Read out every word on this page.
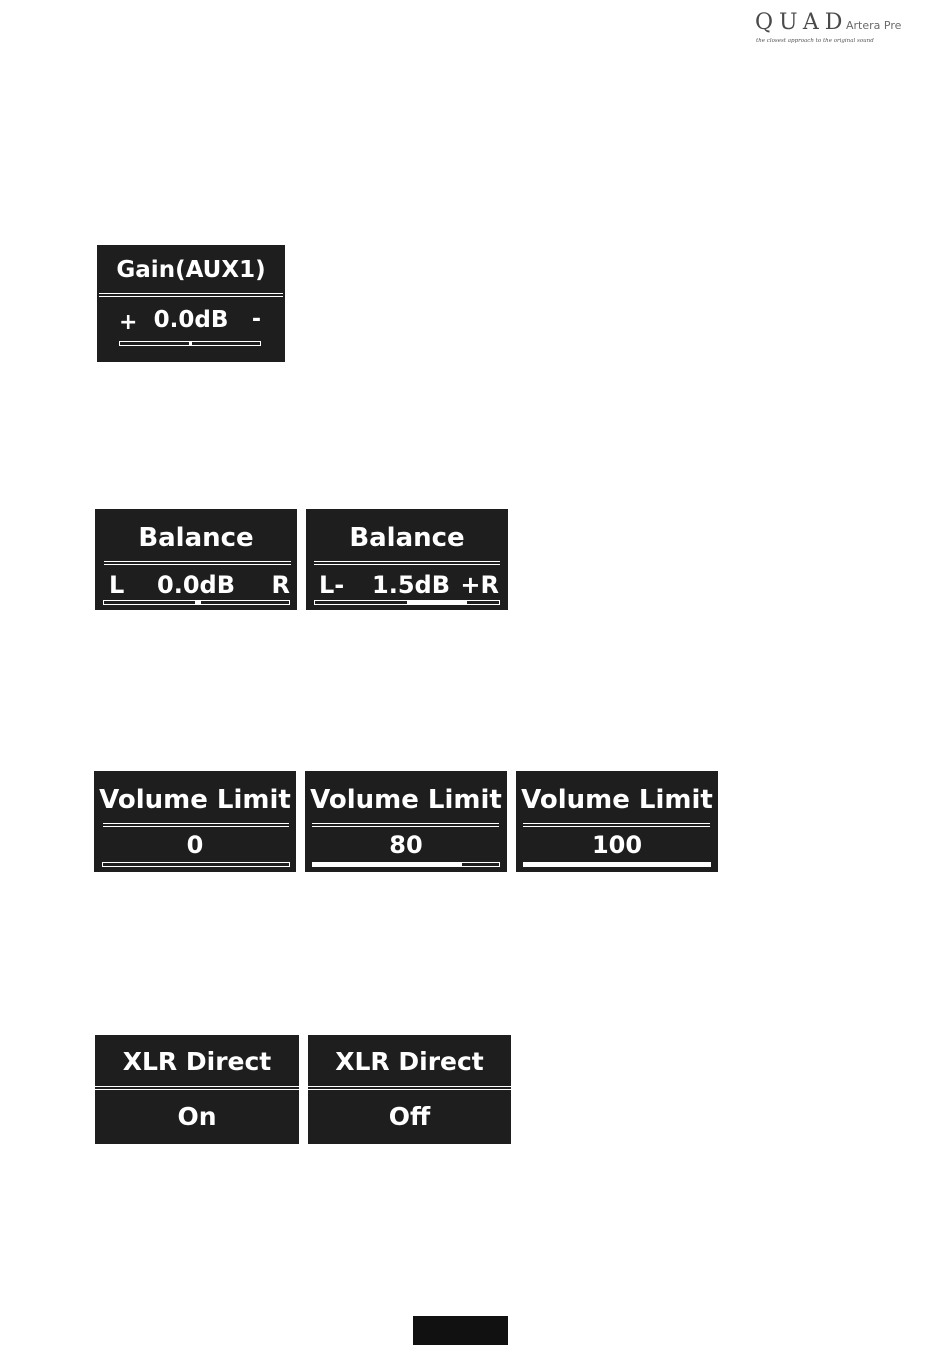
QUAD
Artera Pre
the closest approach to the original sound
Gain(AUX1)
+ 0.0dB	-
Balance
L	0.0dB	R
Balance
L-	1.5dB +R
Volume Limit
0
Volume Limit
80
Volume Limit
100
XLR Direct
On
XLR Direct
Off
